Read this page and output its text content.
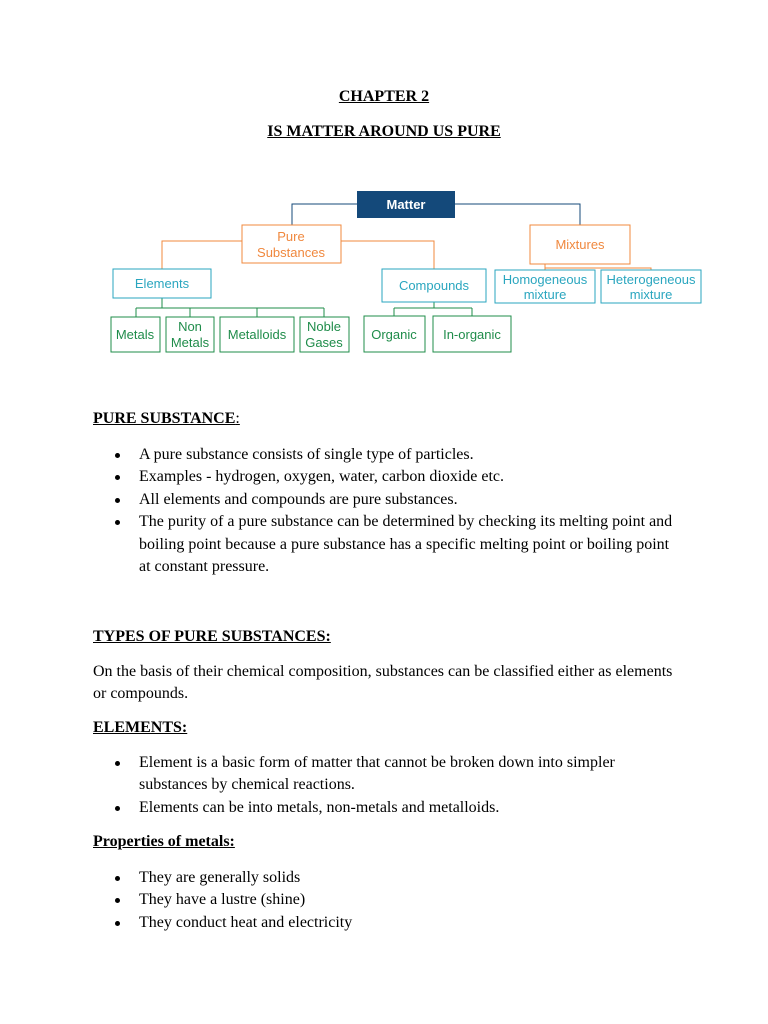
CHAPTER 2
IS MATTER AROUND US PURE
Matter
Pure
Substances
Mixtures
Elements	Compounds	Homogeneous
mixture
Heterogeneous
mixture
Metals
Non
Metals
Metalloids
Noble
Gases
Organic In-organic

PURE SUBSTANCE:

A pure substance consists of single type of particles.
Examples - hydrogen, oxygen, water, carbon dioxide etc.
All elements and compounds are pure substances.
The purity of a pure substance can be determined by checking its melting point and boiling point because a pure substance has a specific melting point or boiling point at constant pressure.

TYPES OF PURE SUBSTANCES:

On the basis of their chemical composition, substances can be classified either as elements or compounds.

ELEMENTS:

Element is a basic form of matter that cannot be broken down into simpler substances by chemical reactions.
Elements can be into metals, non-metals and metalloids.

Properties of metals:

They are generally solids
They have a lustre (shine)
They conduct heat and electricity
